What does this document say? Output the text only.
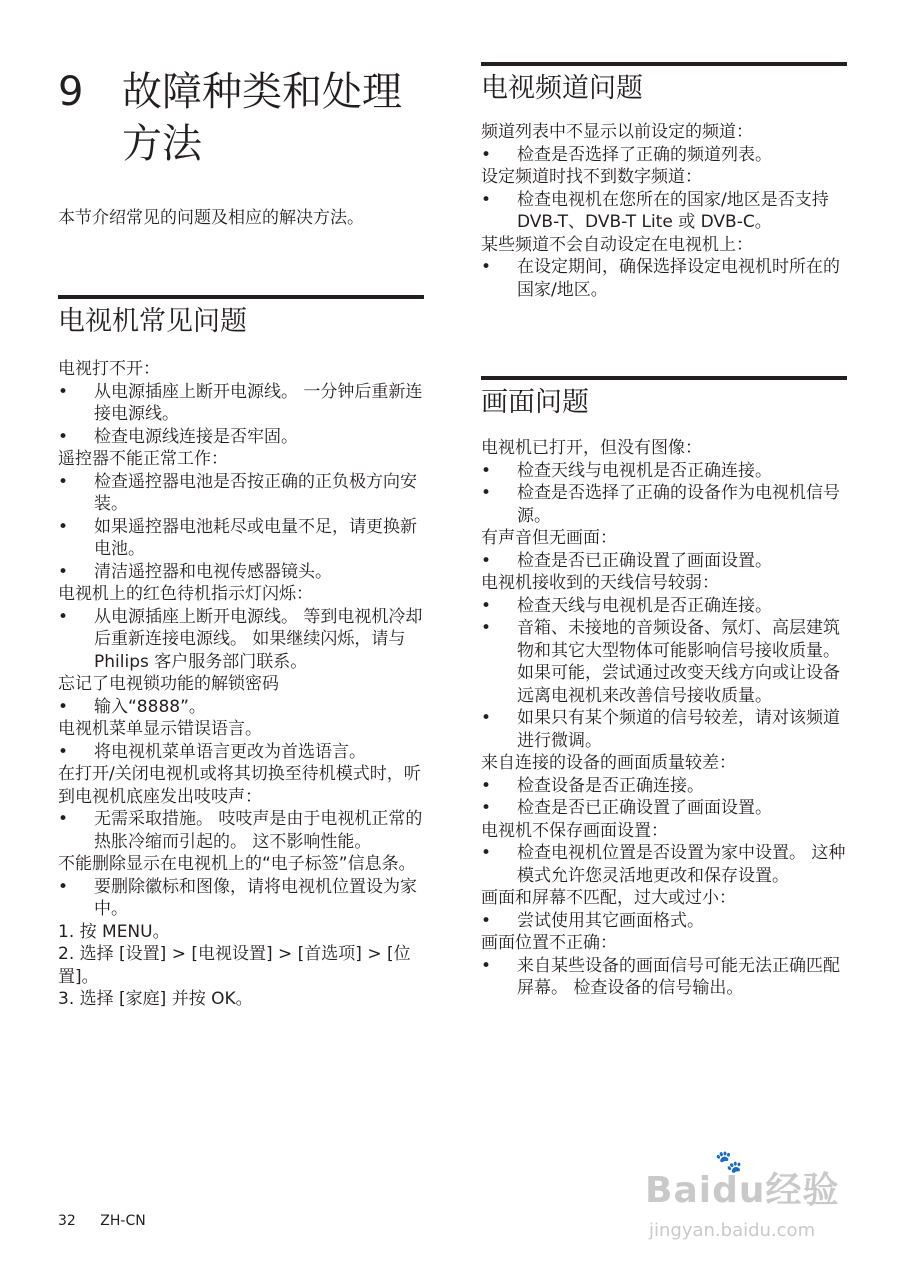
9 故障种类和处理方法
本节介绍常见的问题及相应的解决方法。
电视机常见问题
电视打不开：
• 从电源插座上断开电源线。 一分钟后重新连接电源线。
• 检查电源线连接是否牢固。
遥控器不能正常工作：
• 检查遥控器电池是否按正确的正负极方向安装。
• 如果遥控器电池耗尽或电量不足，请更换新电池。
• 清洁遥控器和电视传感器镜头。
电视机上的红色待机指示灯闪烁：
• 从电源插座上断开电源线。 等到电视机冷却后重新连接电源线。 如果继续闪烁，请与 Philips 客户服务部门联系。
忘记了电视锁功能的解锁密码
• 输入“8888”。
电视机菜单显示错误语言。
• 将电视机菜单语言更改为首选语言。
在打开/关闭电视机或将其切换至待机模式时，听到电视机底座发出吱吱声：
• 无需采取措施。 吱吱声是由于电视机正常的热胀冷缩而引起的。 这不影响性能。
不能删除显示在电视机上的“电子标签”信息条。
• 要删除徽标和图像，请将电视机位置设为家中。
1. 按 MENU。
2. 选择 [设置] > [电视设置] > [首选项] > [位置]。
3. 选择 [家庭] 并按 OK。
电视频道问题
频道列表中不显示以前设定的频道：
• 检查是否选择了正确的频道列表。
设定频道时找不到数字频道：
• 检查电视机在您所在的国家/地区是否支持 DVB-T、DVB-T Lite 或 DVB-C。
某些频道不会自动设定在电视机上：
• 在设定期间，确保选择设定电视机时所在的国家/地区。
画面问题
电视机已打开，但没有图像：
• 检查天线与电视机是否正确连接。
• 检查是否选择了正确的设备作为电视机信号源。
有声音但无画面：
• 检查是否已正确设置了画面设置。
电视机接收到的天线信号较弱：
• 检查天线与电视机是否正确连接。
• 音箱、未接地的音频设备、氖灯、高层建筑物和其它大型物体可能影响信号接收质量。 如果可能，尝试通过改变天线方向或让设备远离电视机来改善信号接收质量。
• 如果只有某个频道的信号较差，请对该频道进行微调。
来自连接的设备的画面质量较差：
• 检查设备是否正确连接。
• 检查是否已正确设置了画面设置。
电视机不保存画面设置：
• 检查电视机位置是否设置为家中设置。 这种模式允许您灵活地更改和保存设置。
画面和屏幕不匹配，过大或过小：
• 尝试使用其它画面格式。
画面位置不正确：
• 来自某些设备的画面信号可能无法正确匹配屏幕。 检查设备的信号输出。
32 ZH-CN
🐾
Baidu经验
jingyan.baidu.com
